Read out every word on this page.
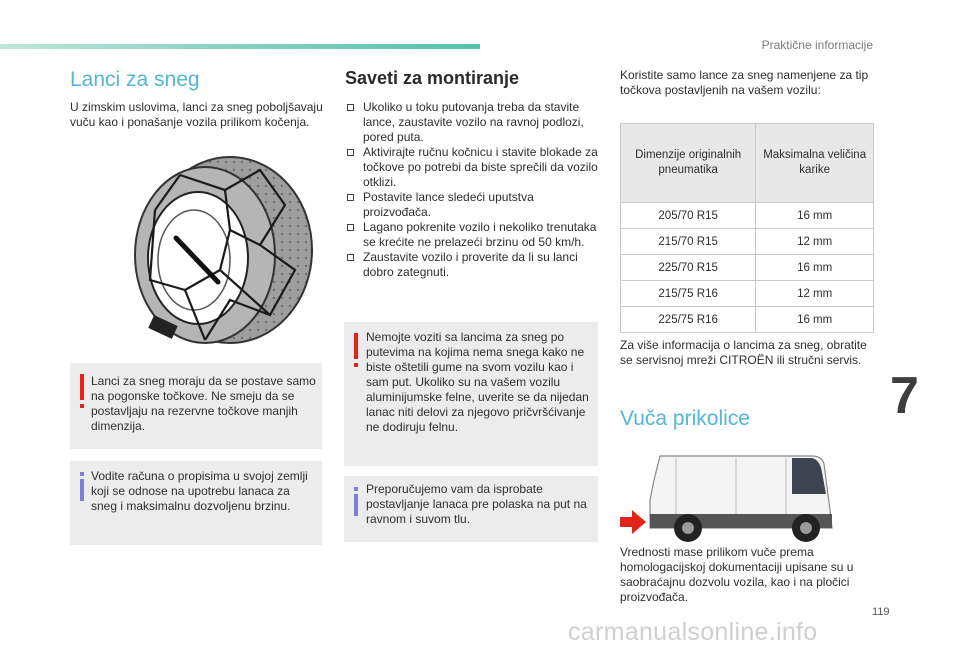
Praktične informacije
7
119
carmanualsonline.info
Lanci za sneg

U zimskim uslovima, lanci za sneg poboljšavaju vuču kao i ponašanje vozila prilikom kočenja.

Lanci za sneg moraju da se postave samo na pogonske točkove. Ne smeju da se postavljaju na rezervne točkove manjih dimenzija.
Vodite računa o propisima u svojoj zemlji koji se odnose na upotrebu lanaca za sneg i maksimalnu dozvoljenu brzinu.
Saveti za montiranje
Ukoliko u toku putovanja treba da stavite lance, zaustavite vozilo na ravnoj podlozi, pored puta.
Aktivirajte ručnu kočnicu i stavite blokade za točkove po potrebi da biste sprečili da vozilo otklizi.
Postavite lance sledeći uputstva proizvođača.
Lagano pokrenite vozilo i nekoliko trenutaka se krećite ne prelazeći brzinu od 50 km/h.
Zaustavite vozilo i proverite da li su lanci dobro zategnuti.
Nemojte voziti sa lancima za sneg po putevima na kojima nema snega kako ne biste oštetili gume na svom vozilu kao i sam put. Ukoliko su na vašem vozilu aluminijumske felne, uverite se da nijedan lanac niti delovi za njegovo pričvršćivanje ne dodiruju felnu.
Preporučujemo vam da isprobate postavljanje lanaca pre polaska na put na ravnom i suvom tlu.

Koristite samo lance za sneg namenjene za tip točkova postavljenih na vašem vozilu:

Dimenzije originalnih pneumatika	Maksimalna veličina karike
205/70 R15	16 mm
215/70 R15	12 mm
225/70 R15	16 mm
215/75 R16	12 mm
225/75 R16	16 mm

Za više informacija o lancima za sneg, obratite se servisnoj mreži CITROËN ili stručni servis.

Vuča prikolice

Vrednosti mase prilikom vuče prema homologacijskoj dokumentaciji upisane su u saobraćajnu dozvolu vozila, kao i na pločici proizvođača.
